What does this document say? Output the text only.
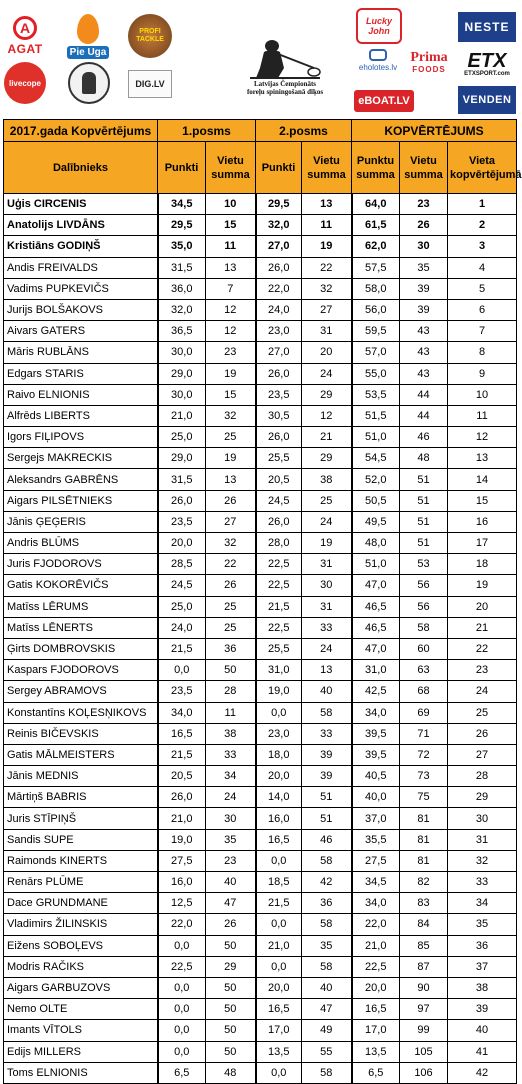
A
AGAT	Pie Uga
PROFI TACKLE
livecope	DIG.LV	Latvijas Čempionāts
foreļu spiningošanā dīķos
Lucky John	NESTE
eholotes.lv
Prima
FOODS ETX
ETXSPORT.com
eBOAT.LV	VENDEN
2017.gada Kopvērtējums	1.posms		2.posms		KOPVĒRTĒJUMS		
Dalībnieks	Punkti	Vietu summa	Punkti	Vietu summa	Punktu summa	Vietu summa	Vieta kopvērtējumā
Uģis CIRCENIS	34,5	10	29,5	13	64,0	23	1
Anatolijs LIVDĀNS	29,5	15	32,0	11	61,5	26	2
Kristiāns GODIŅŠ	35,0	11	27,0	19	62,0	30	3
Andis FREIVALDS	31,5	13	26,0	22	57,5	35	4
Vadims PUPKEVIČS	36,0	7	22,0	32	58,0	39	5
Jurijs BOLŠAKOVS	32,0	12	24,0	27	56,0	39	6
Aivars GATERS	36,5	12	23,0	31	59,5	43	7
Māris RUBLĀNS	30,0	23	27,0	20	57,0	43	8
Edgars STARIS	29,0	19	26,0	24	55,0	43	9
Raivo ELNIONIS	30,0	15	23,5	29	53,5	44	10
Alfrēds LIBERTS	21,0	32	30,5	12	51,5	44	11
Igors FIĻIPOVS	25,0	25	26,0	21	51,0	46	12
Sergejs MAKRECKIS	29,0	19	25,5	29	54,5	48	13
Aleksandrs GABRĒNS	31,5	13	20,5	38	52,0	51	14
Aigars PILSĒTNIEKS	26,0	26	24,5	25	50,5	51	15
Jānis ĢEĢERIS	23,5	27	26,0	24	49,5	51	16
Andris BLŪMS	20,0	32	28,0	19	48,0	51	17
Juris FJODOROVS	28,5	22	22,5	31	51,0	53	18
Gatis KOKORĒVIČS	24,5	26	22,5	30	47,0	56	19
Matīss LĒRUMS	25,0	25	21,5	31	46,5	56	20
Matīss LĒNERTS	24,0	25	22,5	33	46,5	58	21
Ģirts DOMBROVSKIS	21,5	36	25,5	24	47,0	60	22
Kaspars FJODOROVS	0,0	50	31,0	13	31,0	63	23
Sergey ABRAMOVS	23,5	28	19,0	40	42,5	68	24
Konstantīns KOĻESŅIKOVS	34,0	11	0,0	58	34,0	69	25
Reinis BIČEVSKIS	16,5	38	23,0	33	39,5	71	26
Gatis MĀLMEISTERS	21,5	33	18,0	39	39,5	72	27
Jānis MEDNIS	20,5	34	20,0	39	40,5	73	28
Mārtiņš BABRIS	26,0	24	14,0	51	40,0	75	29
Juris STĪPIŅŠ	21,0	30	16,0	51	37,0	81	30
Sandis SUPE	19,0	35	16,5	46	35,5	81	31
Raimonds KINERTS	27,5	23	0,0	58	27,5	81	32
Renārs PLŪME	16,0	40	18,5	42	34,5	82	33
Dace GRUNDMANE	12,5	47	21,5	36	34,0	83	34
Vladimirs ŽILINSKIS	22,0	26	0,0	58	22,0	84	35
Eižens SOBOĻEVS	0,0	50	21,0	35	21,0	85	36
Modris RAČIKS	22,5	29	0,0	58	22,5	87	37
Aigars GARBUZOVS	0,0	50	20,0	40	20,0	90	38
Nemo OLTE	0,0	50	16,5	47	16,5	97	39
Imants VĪTOLS	0,0	50	17,0	49	17,0	99	40
Edijs MILLERS	0,0	50	13,5	55	13,5	105	41
Toms ELNIONIS	6,5	48	0,0	58	6,5	106	42
